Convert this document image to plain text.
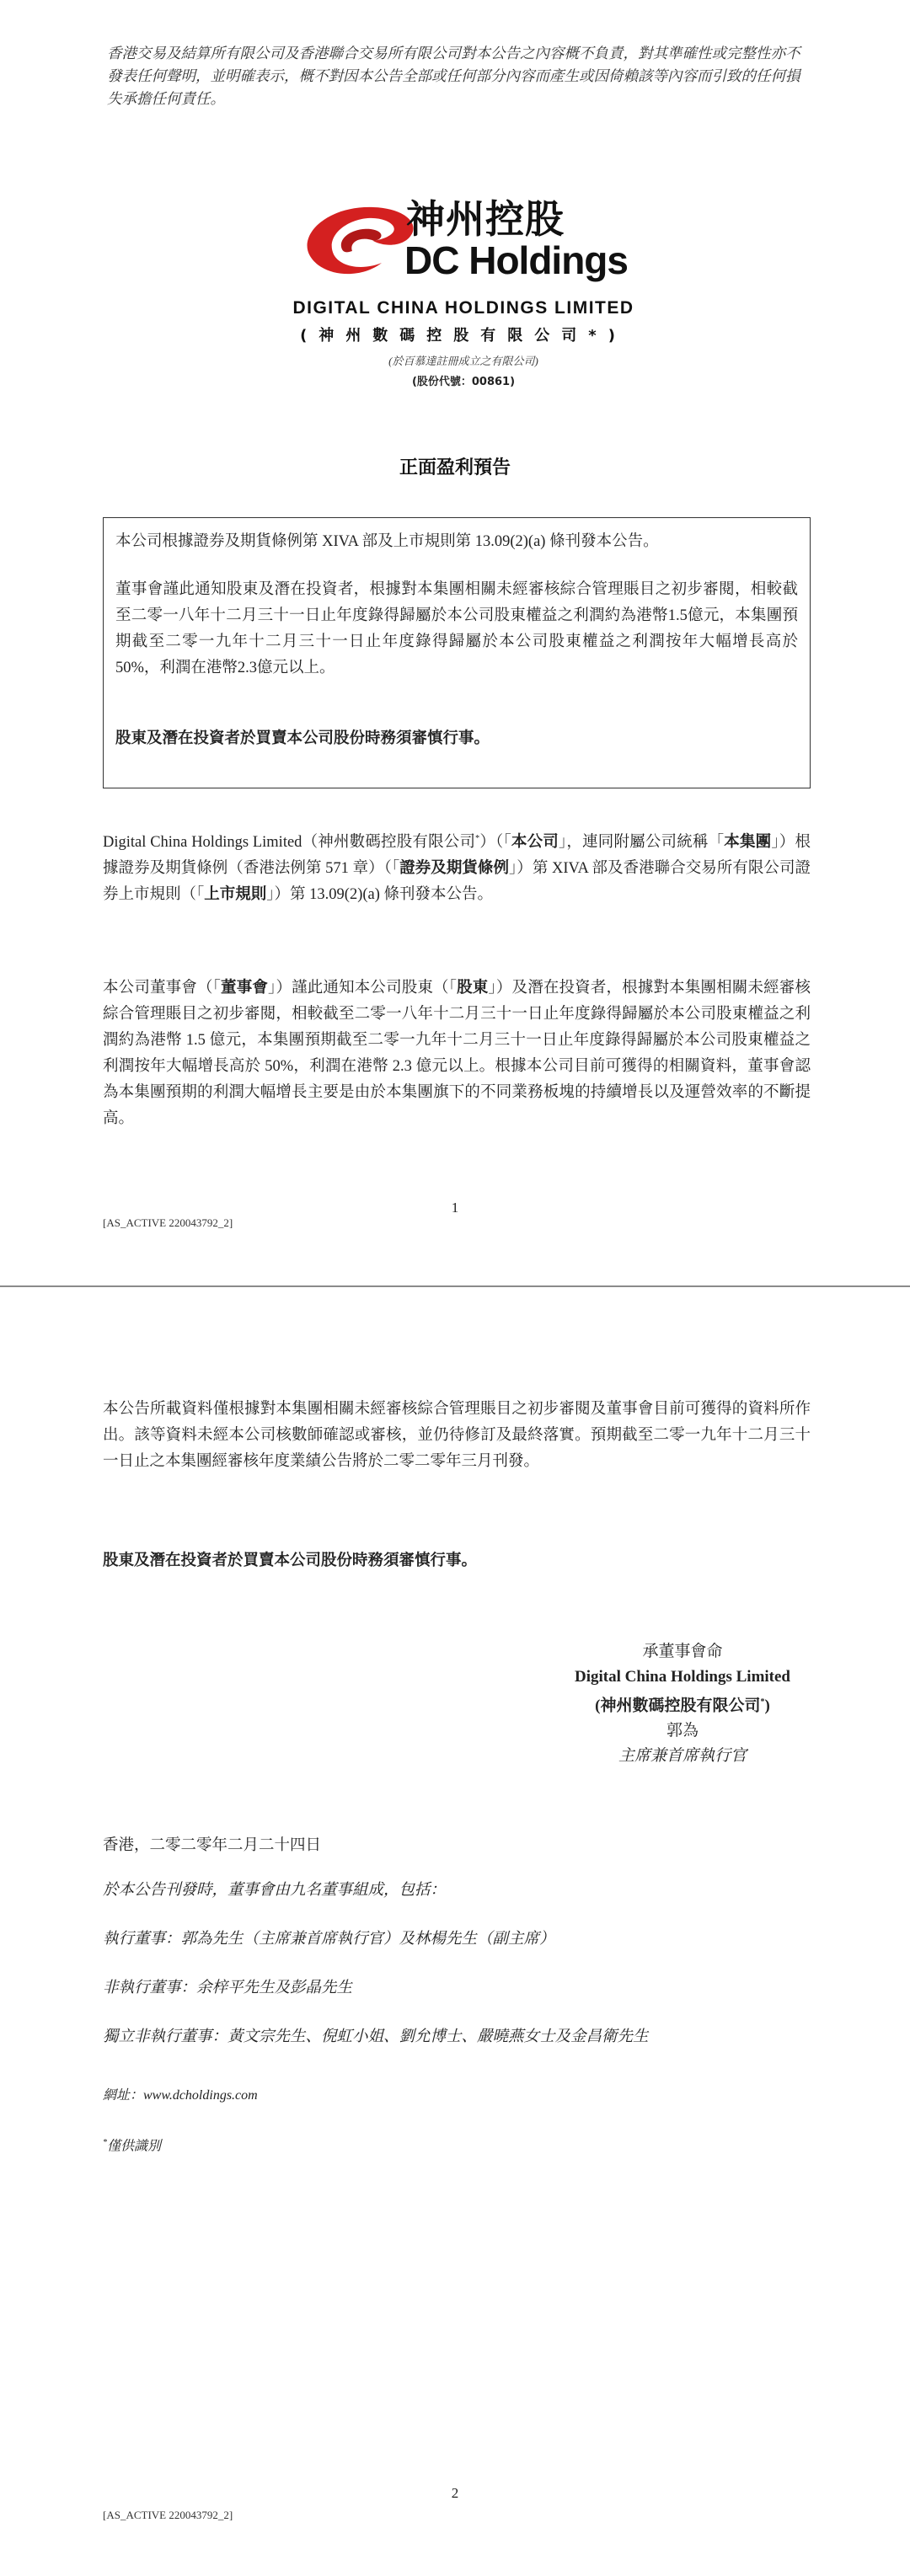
香港交易及結算所有限公司及香港聯合交易所有限公司對本公告之內容概不負責，對其準確性或完整性亦不發表任何聲明，並明確表示，概不對因本公告全部或任何部分內容而產生或因倚賴該等內容而引致的任何損失承擔任何責任。
神州控股
DC Holdings
DIGITAL CHINA HOLDINGS LIMITED
(神州數碼控股有限公司*)
(於百慕達註冊成立之有限公司)
(股份代號：00861)
正面盈利預告
本公司根據證券及期貨條例第 XIVA 部及上市規則第 13.09(2)(a) 條刊發本公告。
董事會謹此通知股東及潛在投資者，根據對本集團相關未經審核綜合管理賬目之初步審閱，相較截至二零一八年十二月三十一日止年度錄得歸屬於本公司股東權益之利潤約為港幣1.5億元，本集團預期截至二零一九年十二月三十一日止年度錄得歸屬於本公司股東權益之利潤按年大幅增長高於50%，利潤在港幣2.3億元以上。
股東及潛在投資者於買賣本公司股份時務須審慎行事。
Digital China Holdings Limited（神州數碼控股有限公司*）（「本公司」，連同附屬公司統稱「本集團」）根據證券及期貨條例（香港法例第 571 章）（「證券及期貨條例」）第 XIVA 部及香港聯合交易所有限公司證券上市規則（「上市規則」）第 13.09(2)(a) 條刊發本公告。
本公司董事會（「董事會」）謹此通知本公司股東（「股東」）及潛在投資者，根據對本集團相關未經審核綜合管理賬目之初步審閱，相較截至二零一八年十二月三十一日止年度錄得歸屬於本公司股東權益之利潤約為港幣 1.5 億元，本集團預期截至二零一九年十二月三十一日止年度錄得歸屬於本公司股東權益之利潤按年大幅增長高於 50%，利潤在港幣 2.3 億元以上。根據本公司目前可獲得的相關資料，董事會認為本集團預期的利潤大幅增長主要是由於本集團旗下的不同業務板塊的持續增長以及運營效率的不斷提高。
1
[AS_ACTIVE 220043792_2]
本公告所載資料僅根據對本集團相關未經審核綜合管理賬目之初步審閱及董事會目前可獲得的資料所作出。該等資料未經本公司核數師確認或審核，並仍待修訂及最終落實。預期截至二零一九年十二月三十一日止之本集團經審核年度業績公告將於二零二零年三月刊發。
股東及潛在投資者於買賣本公司股份時務須審慎行事。
承董事會命
Digital China Holdings Limited
(神州數碼控股有限公司*)
郭為
主席兼首席執行官
香港，二零二零年二月二十四日
於本公告刊發時，董事會由九名董事組成，包括：
執行董事：郭為先生（主席兼首席執行官）及林楊先生（副主席）
非執行董事：余梓平先生及彭晶先生
獨立非執行董事：黃文宗先生、倪虹小姐、劉允博士、嚴曉燕女士及金昌衛先生
網址：www.dcholdings.com
*僅供識別
2
[AS_ACTIVE 220043792_2]
